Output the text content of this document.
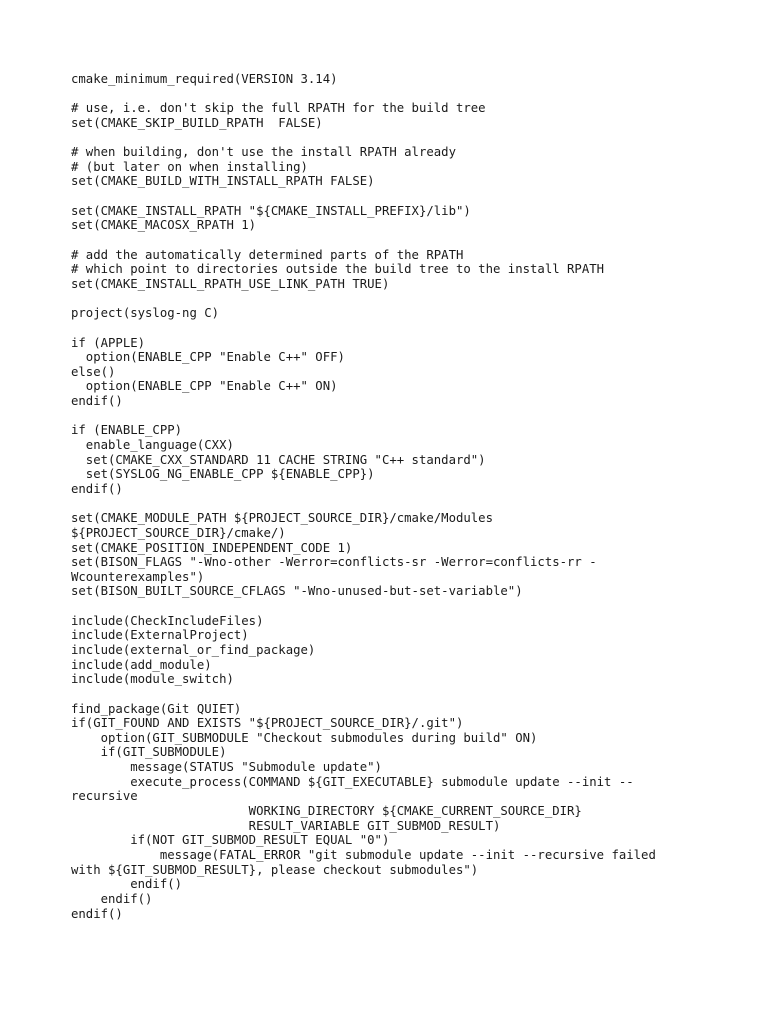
cmake_minimum_required(VERSION 3.14)
# use, i.e. don't skip the full RPATH for the build tree
set(CMAKE_SKIP_BUILD_RPATH  FALSE)
# when building, don't use the install RPATH already
# (but later on when installing)
set(CMAKE_BUILD_WITH_INSTALL_RPATH FALSE)
set(CMAKE_INSTALL_RPATH "${CMAKE_INSTALL_PREFIX}/lib")
set(CMAKE_MACOSX_RPATH 1)
# add the automatically determined parts of the RPATH
# which point to directories outside the build tree to the install RPATH
set(CMAKE_INSTALL_RPATH_USE_LINK_PATH TRUE)
project(syslog-ng C)
if (APPLE)
option(ENABLE_CPP "Enable C++" OFF)
else()
option(ENABLE_CPP "Enable C++" ON)
endif()
if (ENABLE_CPP)
enable_language(CXX)
set(CMAKE_CXX_STANDARD 11 CACHE STRING "C++ standard")
set(SYSLOG_NG_ENABLE_CPP ${ENABLE_CPP})
endif()
set(CMAKE_MODULE_PATH ${PROJECT_SOURCE_DIR}/cmake/Modules
${PROJECT_SOURCE_DIR}/cmake/)
set(CMAKE_POSITION_INDEPENDENT_CODE 1)
set(BISON_FLAGS "-Wno-other -Werror=conflicts-sr -Werror=conflicts-rr -
Wcounterexamples")
set(BISON_BUILT_SOURCE_CFLAGS "-Wno-unused-but-set-variable")
include(CheckIncludeFiles)
include(ExternalProject)
include(external_or_find_package)
include(add_module)
include(module_switch)
find_package(Git QUIET)
if(GIT_FOUND AND EXISTS "${PROJECT_SOURCE_DIR}/.git")
option(GIT_SUBMODULE "Checkout submodules during build" ON)
if(GIT_SUBMODULE)
message(STATUS "Submodule update")
execute_process(COMMAND ${GIT_EXECUTABLE} submodule update --init --
recursive
WORKING_DIRECTORY ${CMAKE_CURRENT_SOURCE_DIR}
RESULT_VARIABLE GIT_SUBMOD_RESULT)
if(NOT GIT_SUBMOD_RESULT EQUAL "0")
message(FATAL_ERROR "git submodule update --init --recursive failed
with ${GIT_SUBMOD_RESULT}, please checkout submodules")
endif()
endif()
endif()
